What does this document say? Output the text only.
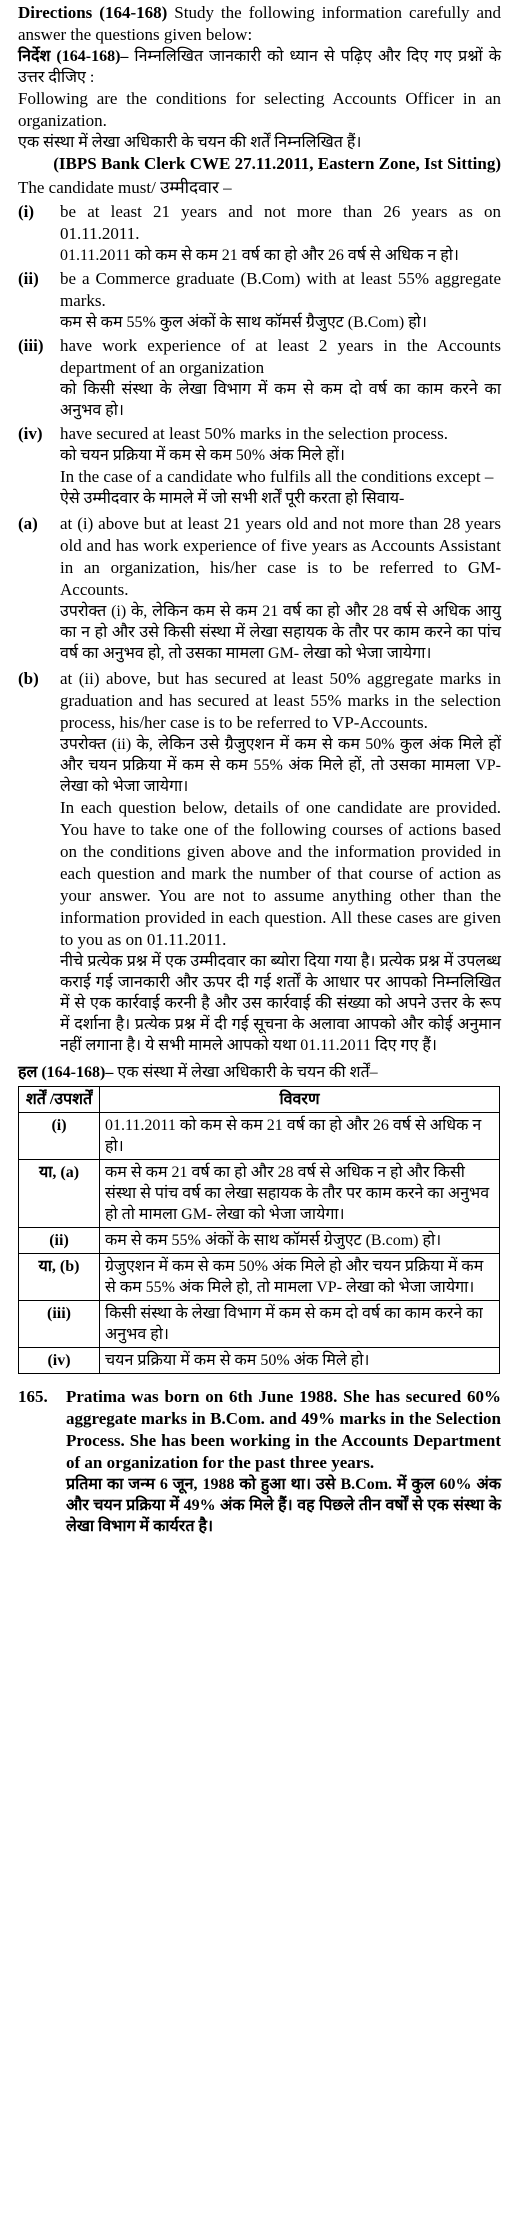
Directions (164-168) Study the following information carefully and answer the questions given below:

निर्देश (164-168)– निम्नलिखित जानकारी को ध्यान से पढ़िए और दिए गए प्रश्नों के उत्तर दीजिए :

Following are the conditions for selecting Accounts Officer in an organization.

एक संस्था में लेखा अधिकारी के चयन की शर्तें निम्नलिखित हैं।

(IBPS Bank Clerk CWE 27.11.2011, Eastern Zone, Ist Sitting)

The candidate must/ उम्मीदवार –

(i)	be at least 21 years and not more than 26 years as on 01.11.2011.

01.11.2011 को कम से कम 21 वर्ष का हो और 26 वर्ष से अधिक न हो।

(ii)	be a Commerce graduate (B.Com) with at least 55% aggregate marks.

कम से कम 55% कुल अंकों के साथ कॉमर्स ग्रैजुएट (B.Com) हो।

(iii) have work experience of at least 2 years in the Accounts department of an organization

को किसी संस्था के लेखा विभाग में कम से कम दो वर्ष का काम करने का अनुभव हो।

(iv)	have secured at least 50% marks in the selection process.

को चयन प्रक्रिया में कम से कम 50% अंक मिले हों।

In the case of a candidate who fulfils all the conditions except –

ऐसे उम्मीदवार के मामले में जो सभी शर्तें पूरी करता हो सिवाय-

(a)	at (i) above but at least 21 years old and not more than 28 years old and has work experience of five years as Accounts Assistant in an organization, his/her case is to be referred to GM-Accounts.

उपरोक्त (i) के, लेकिन कम से कम 21 वर्ष का हो और 28 वर्ष से अधिक आयु का न हो और उसे किसी संस्था में लेखा सहायक के तौर पर काम करने का पांच वर्ष का अनुभव हो, तो उसका मामला GM- लेखा को भेजा जायेगा।

(b)	at (ii) above, but has secured at least 50% aggregate marks in graduation and has secured at least 55% marks in the selection process, his/her case is to be referred to VP-Accounts.

उपरोक्त (ii) के, लेकिन उसे ग्रैजुएशन में कम से कम 50% कुल अंक मिले हों और चयन प्रक्रिया में कम से कम 55% अंक मिले हों, तो उसका मामला VP- लेखा को भेजा जायेगा।

In each question below, details of one candidate are provided. You have to take one of the following courses of actions based on the conditions given above and the information provided in each question and mark the number of that course of action as your answer. You are not to assume anything other than the information provided in each question. All these cases are given to you as on 01.11.2011.

नीचे प्रत्येक प्रश्न में एक उम्मीदवार का ब्योरा दिया गया है। प्रत्येक प्रश्न में उपलब्ध कराई गई जानकारी और ऊपर दी गई शर्तों के आधार पर आपको निम्नलिखित में से एक कार्रवाई करनी है और उस कार्रवाई की संख्या को अपने उत्तर के रूप में दर्शाना है। प्रत्येक प्रश्न में दी गई सूचना के अलावा आपको और कोई अनुमान नहीं लगाना है। ये सभी मामले आपको यथा 01.11.2011 दिए गए हैं।

हल (164-168)– एक संस्था में लेखा अधिकारी के चयन की शर्तें–

शर्तें /उपशर्तें	विवरण
(i)	01.11.2011 को कम से कम 21 वर्ष का हो और 26 वर्ष से अधिक न हो।
या, (a)	कम से कम 21 वर्ष का हो और 28 वर्ष से अधिक न हो और किसी संस्था से पांच वर्ष का लेखा सहायक के तौर पर काम करने का अनुभव हो तो मामला GM- लेखा को भेजा जायेगा।
(ii)	कम से कम 55% अंकों के साथ कॉमर्स ग्रेजुएट (B.com) हो।
या, (b)	ग्रेजुएशन में कम से कम 50% अंक मिले हो और चयन प्रक्रिया में कम से कम 55% अंक मिले हो, तो मामला VP- लेखा को भेजा जायेगा।
(iii)	किसी संस्था के लेखा विभाग में कम से कम दो वर्ष का काम करने का अनुभव हो।
(iv)	चयन प्रक्रिया में कम से कम 50% अंक मिले हो।
165.	Pratima was born on 6th June 1988. She has secured 60% aggregate marks in B.Com. and 49% marks in the Selection Process. She has been working in the Accounts Department of an organization for the past three years.

प्रतिमा का जन्म 6 जून, 1988 को हुआ था। उसे B.Com. में कुल 60% अंक और चयन प्रक्रिया में 49% अंक मिले हैं। वह पिछले तीन वर्षों से एक संस्था के लेखा विभाग में कार्यरत है।
